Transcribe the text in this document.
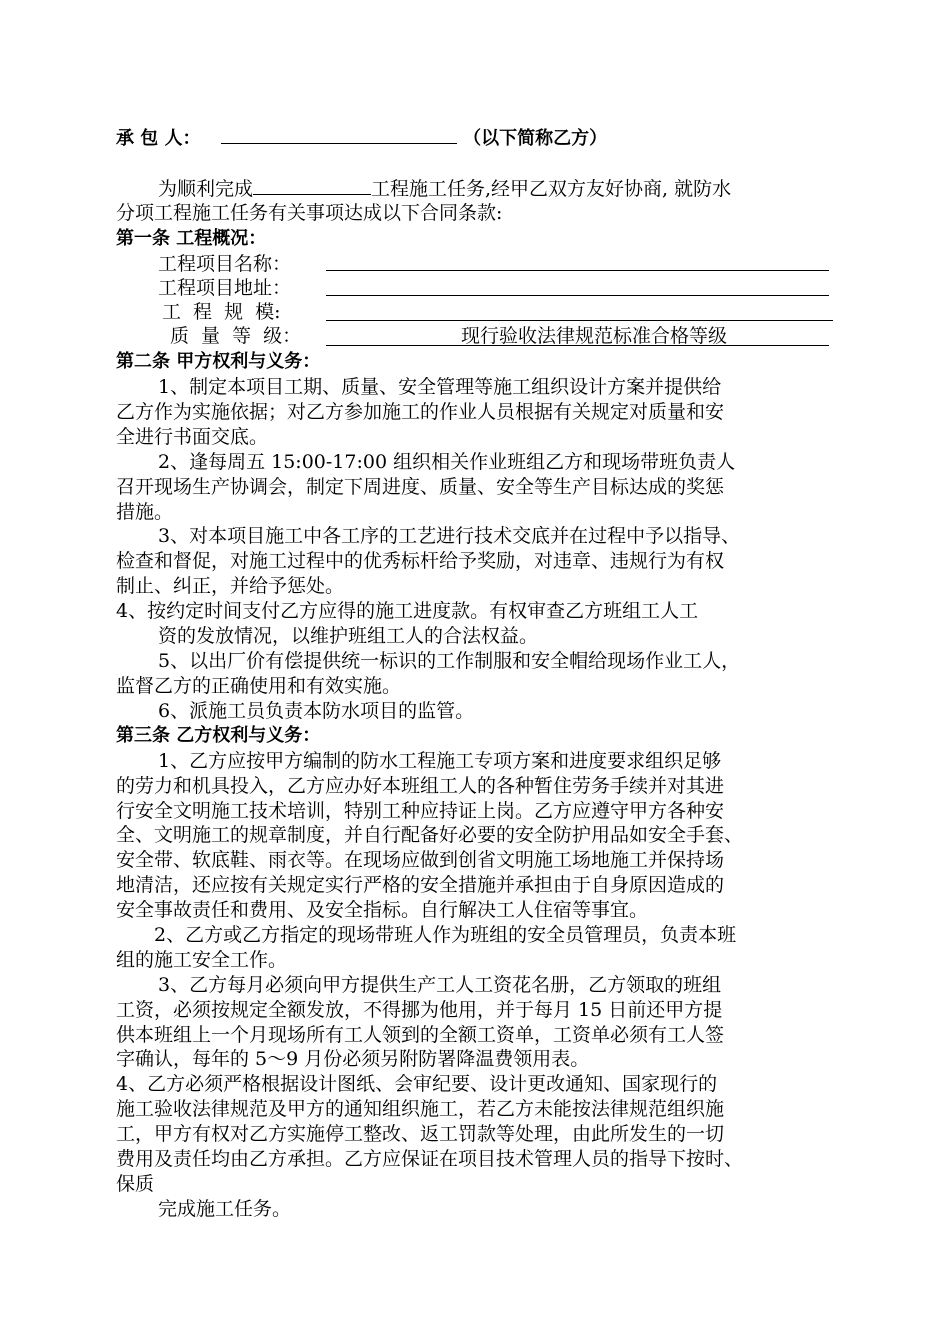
承 包 人：	（以下简称乙方）
为顺利完成	工程施工任务,经甲乙双方友好协商, 就防水
分项工程施工任务有关事项达成以下合同条款:
第一条 工程概况：
工程项目名称：
工程项目地址：
工 程 规 模:
质 量 等 级：	现行验收法律规范标准合格等级
第二条 甲方权利与义务：
1、制定本项目工期、质量、安全管理等施工组织设计方案并提供给
乙方作为实施依据；对乙方参加施工的作业人员根据有关规定对质量和安
全进行书面交底。
2、逢每周五 15:00-17:00 组织相关作业班组乙方和现场带班负责人
召开现场生产协调会，制定下周进度、质量、安全等生产目标达成的奖惩
措施。
3、对本项目施工中各工序的工艺进行技术交底并在过程中予以指导、
检查和督促，对施工过程中的优秀标杆给予奖励，对违章、违规行为有权
制止、纠正，并给予惩处。
4、按约定时间支付乙方应得的施工进度款。有权审查乙方班组工人工
资的发放情况，以维护班组工人的合法权益。
5、以出厂价有偿提供统一标识的工作制服和安全帽给现场作业工人，
监督乙方的正确使用和有效实施。
6、派施工员负责本防水项目的监管。
第三条 乙方权利与义务：
1、乙方应按甲方编制的防水工程施工专项方案和进度要求组织足够
的劳力和机具投入，乙方应办好本班组工人的各种暂住劳务手续并对其进
行安全文明施工技术培训，特别工种应持证上岗。乙方应遵守甲方各种安
全、文明施工的规章制度，并自行配备好必要的安全防护用品如安全手套、
安全带、软底鞋、雨衣等。在现场应做到创省文明施工场地施工并保持场
地清洁，还应按有关规定实行严格的安全措施并承担由于自身原因造成的
安全事故责任和费用、及安全指标。自行解决工人住宿等事宜。
2、乙方或乙方指定的现场带班人作为班组的安全员管理员，负责本班
组的施工安全工作。
3、乙方每月必须向甲方提供生产工人工资花名册，乙方领取的班组
工资，必须按规定全额发放，不得挪为他用，并于每月 15 日前还甲方提
供本班组上一个月现场所有工人领到的全额工资单，工资单必须有工人签
字确认，每年的 5～9 月份必须另附防署降温费领用表。
4、乙方必须严格根据设计图纸、会审纪要、设计更改通知、国家现行的
施工验收法律规范及甲方的通知组织施工，若乙方未能按法律规范组织施
工，甲方有权对乙方实施停工整改、返工罚款等处理，由此所发生的一切
费用及责任均由乙方承担。乙方应保证在项目技术管理人员的指导下按时、
保质
完成施工任务。
